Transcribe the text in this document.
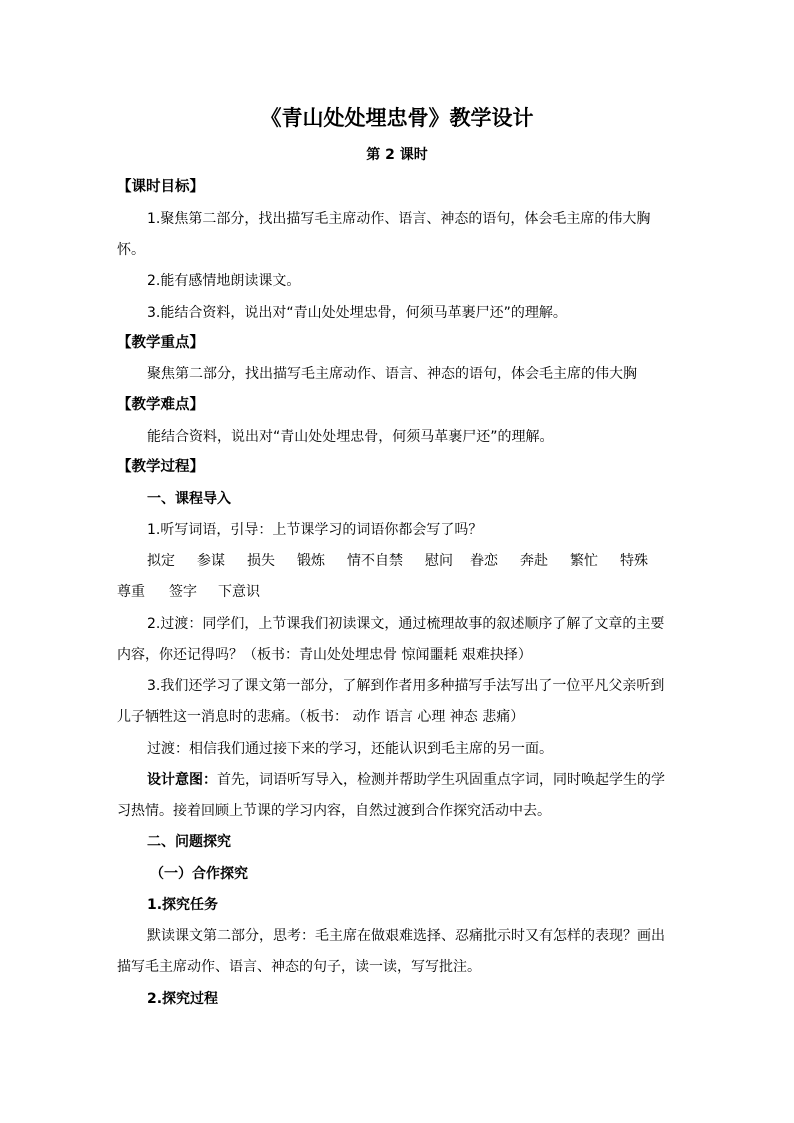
《青山处处埋忠骨》教学设计
第 2 课时
【课时目标】
1.聚焦第二部分，找出描写毛主席动作、语言、神态的语句，体会毛主席的伟大胸
怀。
2.能有感情地朗读课文。
3.能结合资料，说出对“青山处处埋忠骨，何须马革裹尸还”的理解。
【教学重点】
聚焦第二部分，找出描写毛主席动作、语言、神态的语句，体会毛主席的伟大胸
【教学难点】
能结合资料，说出对“青山处处埋忠骨，何须马革裹尸还”的理解。
【教学过程】
一、课程导入
1.听写词语，引导：上节课学习的词语你都会写了吗？
拟定 参谋 损失 锻炼 情不自禁 慰问 眷恋 奔赴 繁忙 特殊
尊重 签字 下意识
2.过渡：同学们，上节课我们初读课文，通过梳理故事的叙述顺序了解了文章的主要
内容，你还记得吗？（板书：青山处处埋忠骨 惊闻噩耗 艰难抉择）
3.我们还学习了课文第一部分，了解到作者用多种描写手法写出了一位平凡父亲听到
儿子牺牲这一消息时的悲痛。（板书： 动作 语言 心理 神态 悲痛）
过渡：相信我们通过接下来的学习，还能认识到毛主席的另一面。
设计意图：首先，词语听写导入，检测并帮助学生巩固重点字词，同时唤起学生的学
习热情。接着回顾上节课的学习内容，自然过渡到合作探究活动中去。
二、问题探究
（一）合作探究
1.探究任务
默读课文第二部分，思考：毛主席在做艰难选择、忍痛批示时又有怎样的表现？画出
描写毛主席动作、语言、神态的句子，读一读，写写批注。
2.探究过程
